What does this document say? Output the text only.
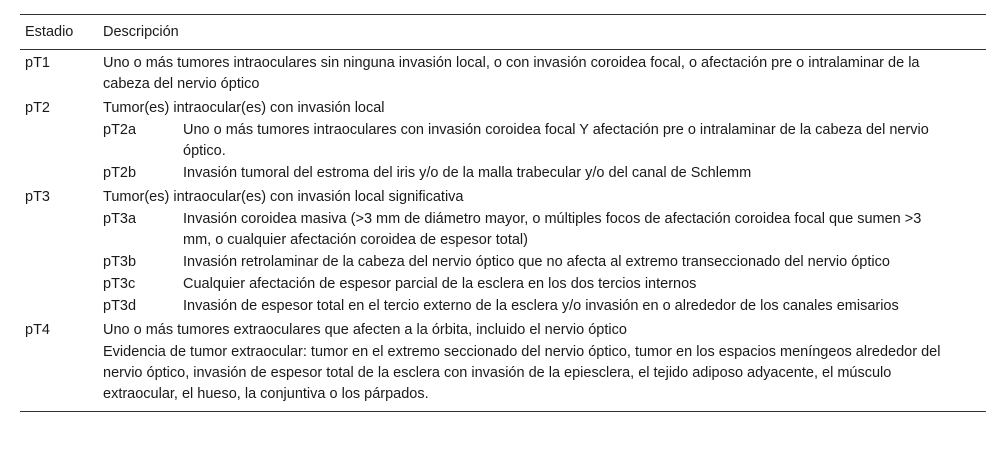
Estadio	Descripción
pT1	Uno o más tumores intraoculares sin ninguna invasión local, o con invasión coroidea focal, o afectación pre o intralaminar de la cabeza del nervio óptico
pT2	Tumor(es) intraocular(es) con invasión local
pT2a	Uno o más tumores intraoculares con invasión coroidea focal Y afectación pre o intralaminar de la cabeza del nervio óptico.
pT2b	Invasión tumoral del estroma del iris y/o de la malla trabecular y/o del canal de Schlemm
pT3	Tumor(es) intraocular(es) con invasión local significativa
pT3a	Invasión coroidea masiva (>3 mm de diámetro mayor, o múltiples focos de afectación coroidea focal que sumen >3 mm, o cualquier afectación coroidea de espesor total)
pT3b	Invasión retrolaminar de la cabeza del nervio óptico que no afecta al extremo transeccionado del nervio óptico
pT3c	Cualquier afectación de espesor parcial de la esclera en los dos tercios internos
pT3d	Invasión de espesor total en el tercio externo de la esclera y/o invasión en o alrededor de los canales emisarios
pT4	Uno o más tumores extraoculares que afecten a la órbita, incluido el nervio óptico
Evidencia de tumor extraocular: tumor en el extremo seccionado del nervio óptico, tumor en los espacios meníngeos alrededor del nervio óptico, invasión de espesor total de la esclera con invasión de la epiesclera, el tejido adiposo adyacente, el músculo extraocular, el hueso, la conjuntiva o los párpados.
